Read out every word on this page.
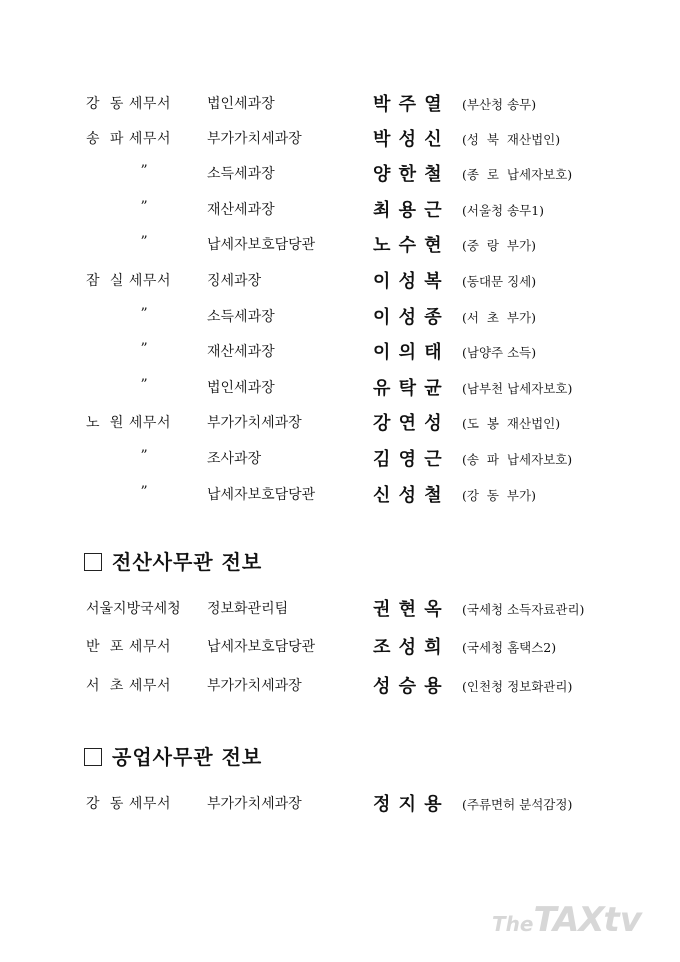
강  동 세무서	법인세과장	박 주 열 (부산청 송무)
송  파 세무서	부가가치세과장	박 성 신 (성  북  재산법인)
”	소득세과장	양 한 철 (종  로  납세자보호)
”	재산세과장	최 용 근 (서울청 송무1)
”	납세자보호담당관	노 수 현 (중  랑  부가)
잠  실 세무서	징세과장	이 성 복 (동대문 징세)
”	소득세과장	이 성 종 (서  초  부가)
”	재산세과장	이 의 태 (남양주 소득)
”	법인세과장	유 탁 균 (남부천 납세자보호)
노  원 세무서	부가가치세과장	강 연 성 (도  봉  재산법인)
”	조사과장	김 영 근 (송  파  납세자보호)
”	납세자보호담당관	신 성 철 (강  동  부가)
전산사무관 전보
서울지방국세청 정보화관리팀	권 현 옥 (국세청 소득자료관리)
반  포 세무서	납세자보호담당관	조 성 희 (국세청 홈택스2)
서  초 세무서	부가가치세과장	성 승 용 (인천청 정보화관리)
공업사무관 전보
강  동 세무서	부가가치세과장	정 지 용 (주류면허 분석감정)
TheTAXtv
